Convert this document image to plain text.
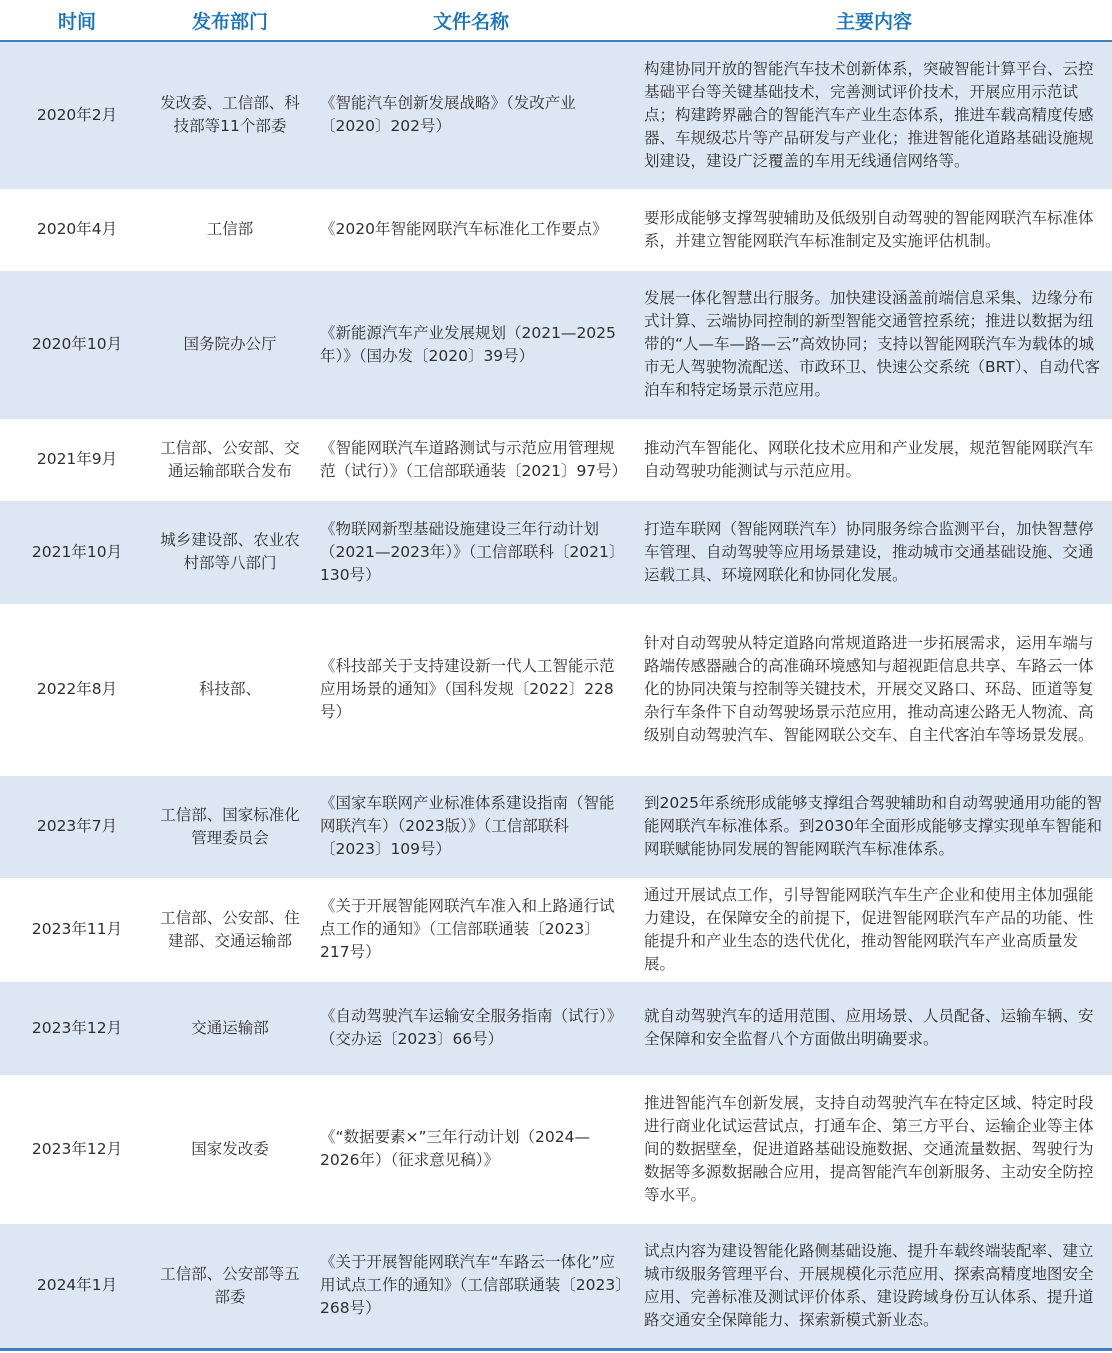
时间	发布部门	文件名称	主要内容
2020年2月	发改委、工信部、科技部等11个部委	《智能汽车创新发展战略》（发改产业〔2020〕202号）	构建协同开放的智能汽车技术创新体系，突破智能计算平台、云控基础平台等关键基础技术，完善测试评价技术，开展应用示范试点；构建跨界融合的智能汽车产业生态体系，推进车载高精度传感器、车规级芯片等产品研发与产业化；推进智能化道路基础设施规划建设，建设广泛覆盖的车用无线通信网络等。
2020年4月	工信部	《2020年智能网联汽车标准化工作要点》	要形成能够支撑驾驶辅助及低级别自动驾驶的智能网联汽车标准体系，并建立智能网联汽车标准制定及实施评估机制。
2020年10月	国务院办公厅	《新能源汽车产业发展规划（2021—2025年）》（国办发〔2020〕39号）	发展一体化智慧出行服务。加快建设涵盖前端信息采集、边缘分布式计算、云端协同控制的新型智能交通管控系统；推进以数据为纽带的“人—车—路—云”高效协同；支持以智能网联汽车为载体的城市无人驾驶物流配送、市政环卫、快速公交系统（BRT）、自动代客泊车和特定场景示范应用。
2021年9月	工信部、公安部、交通运输部联合发布	《智能网联汽车道路测试与示范应用管理规范（试行）》（工信部联通装〔2021〕97号）	推动汽车智能化、网联化技术应用和产业发展，规范智能网联汽车自动驾驶功能测试与示范应用。
2021年10月	城乡建设部、农业农村部等八部门	《物联网新型基础设施建设三年行动计划（2021—2023年）》（工信部联科〔2021〕130号）	打造车联网（智能网联汽车）协同服务综合监测平台，加快智慧停车管理、自动驾驶等应用场景建设，推动城市交通基础设施、交通运载工具、环境网联化和协同化发展。
2022年8月	科技部、	《科技部关于支持建设新一代人工智能示范应用场景的通知》（国科发规〔2022〕228号）	针对自动驾驶从特定道路向常规道路进一步拓展需求，运用车端与路端传感器融合的高准确环境感知与超视距信息共享、车路云一体化的协同决策与控制等关键技术，开展交叉路口、环岛、匝道等复杂行车条件下自动驾驶场景示范应用，推动高速公路无人物流、高级别自动驾驶汽车、智能网联公交车、自主代客泊车等场景发展。
2023年7月	工信部、国家标准化管理委员会	《国家车联网产业标准体系建设指南（智能网联汽车）（2023版）》（工信部联科〔2023〕109号）	到2025年系统形成能够支撑组合驾驶辅助和自动驾驶通用功能的智能网联汽车标准体系。到2030年全面形成能够支撑实现单车智能和网联赋能协同发展的智能网联汽车标准体系。
2023年11月	工信部、公安部、住建部、交通运输部	《关于开展智能网联汽车准入和上路通行试点工作的通知》（工信部联通装〔2023〕217号）	通过开展试点工作，引导智能网联汽车生产企业和使用主体加强能力建设，在保障安全的前提下，促进智能网联汽车产品的功能、性能提升和产业生态的迭代优化，推动智能网联汽车产业高质量发展。
2023年12月	交通运输部	《自动驾驶汽车运输安全服务指南（试行）》（交办运〔2023〕66号）	就自动驾驶汽车的适用范围、应用场景、人员配备、运输车辆、安全保障和安全监督八个方面做出明确要求。
2023年12月	国家发改委	《“数据要素×”三年行动计划（2024—2026年）（征求意见稿）》	推进智能汽车创新发展，支持自动驾驶汽车在特定区域、特定时段进行商业化试运营试点，打通车企、第三方平台、运输企业等主体间的数据壁垒，促进道路基础设施数据、交通流量数据、驾驶行为数据等多源数据融合应用，提高智能汽车创新服务、主动安全防控等水平。
2024年1月	工信部、公安部等五部委	《关于开展智能网联汽车“车路云一体化”应用试点工作的通知》（工信部联通装〔2023〕268号）	试点内容为建设智能化路侧基础设施、提升车载终端装配率、建立城市级服务管理平台、开展规模化示范应用、探索高精度地图安全应用、完善标准及测试评价体系、建设跨域身份互认体系、提升道路交通安全保障能力、探索新模式新业态。
